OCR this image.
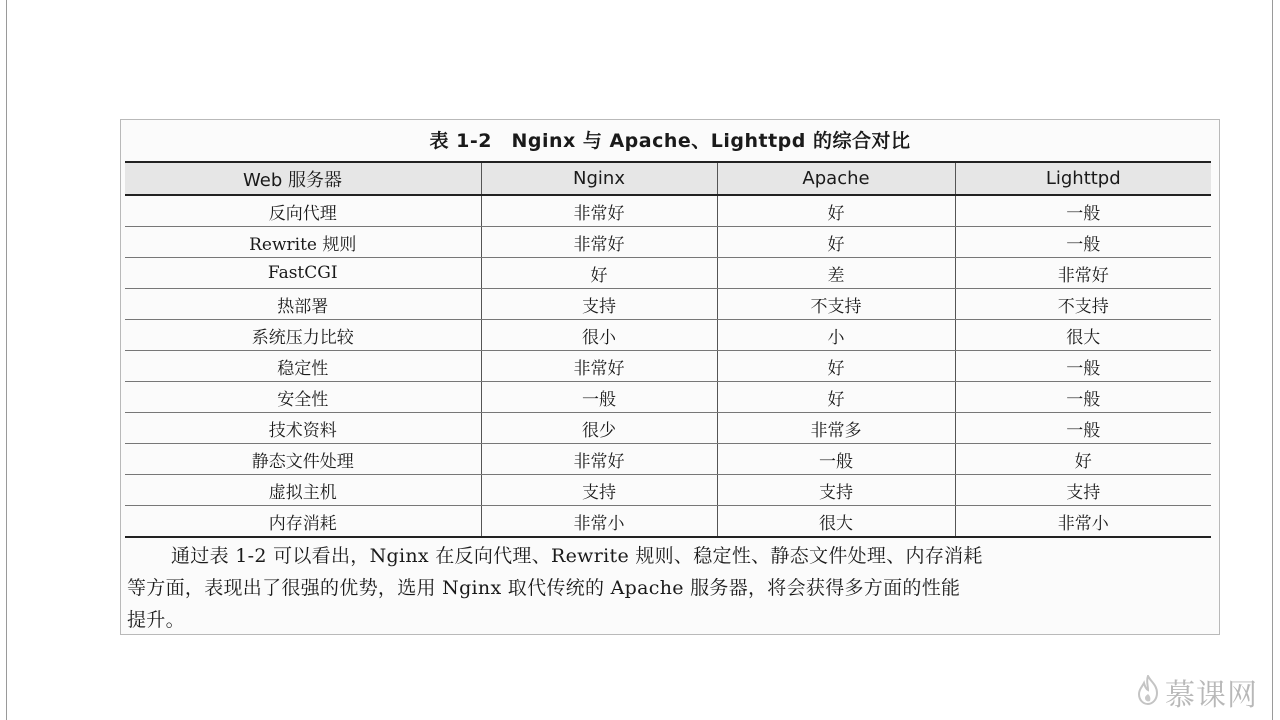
表 1-2　Nginx 与 Apache、Lighttpd 的综合对比
Web 服务器	Nginx	Apache	Lighttpd
反向代理	非常好	好	一般
Rewrite 规则	非常好	好	一般
FastCGI	好	差	非常好
热部署	支持	不支持	不支持
系统压力比较	很小	小	很大
稳定性	非常好	好	一般
安全性	一般	好	一般
技术资料	很少	非常多	一般
静态文件处理	非常好	一般	好
虚拟主机	支持	支持	支持
内存消耗	非常小	很大	非常小
通过表 1-2 可以看出，Nginx 在反向代理、Rewrite 规则、稳定性、静态文件处理、内存消耗
等方面，表现出了很强的优势，选用 Nginx 取代传统的 Apache 服务器，将会获得多方面的性能
提升。
慕课网
